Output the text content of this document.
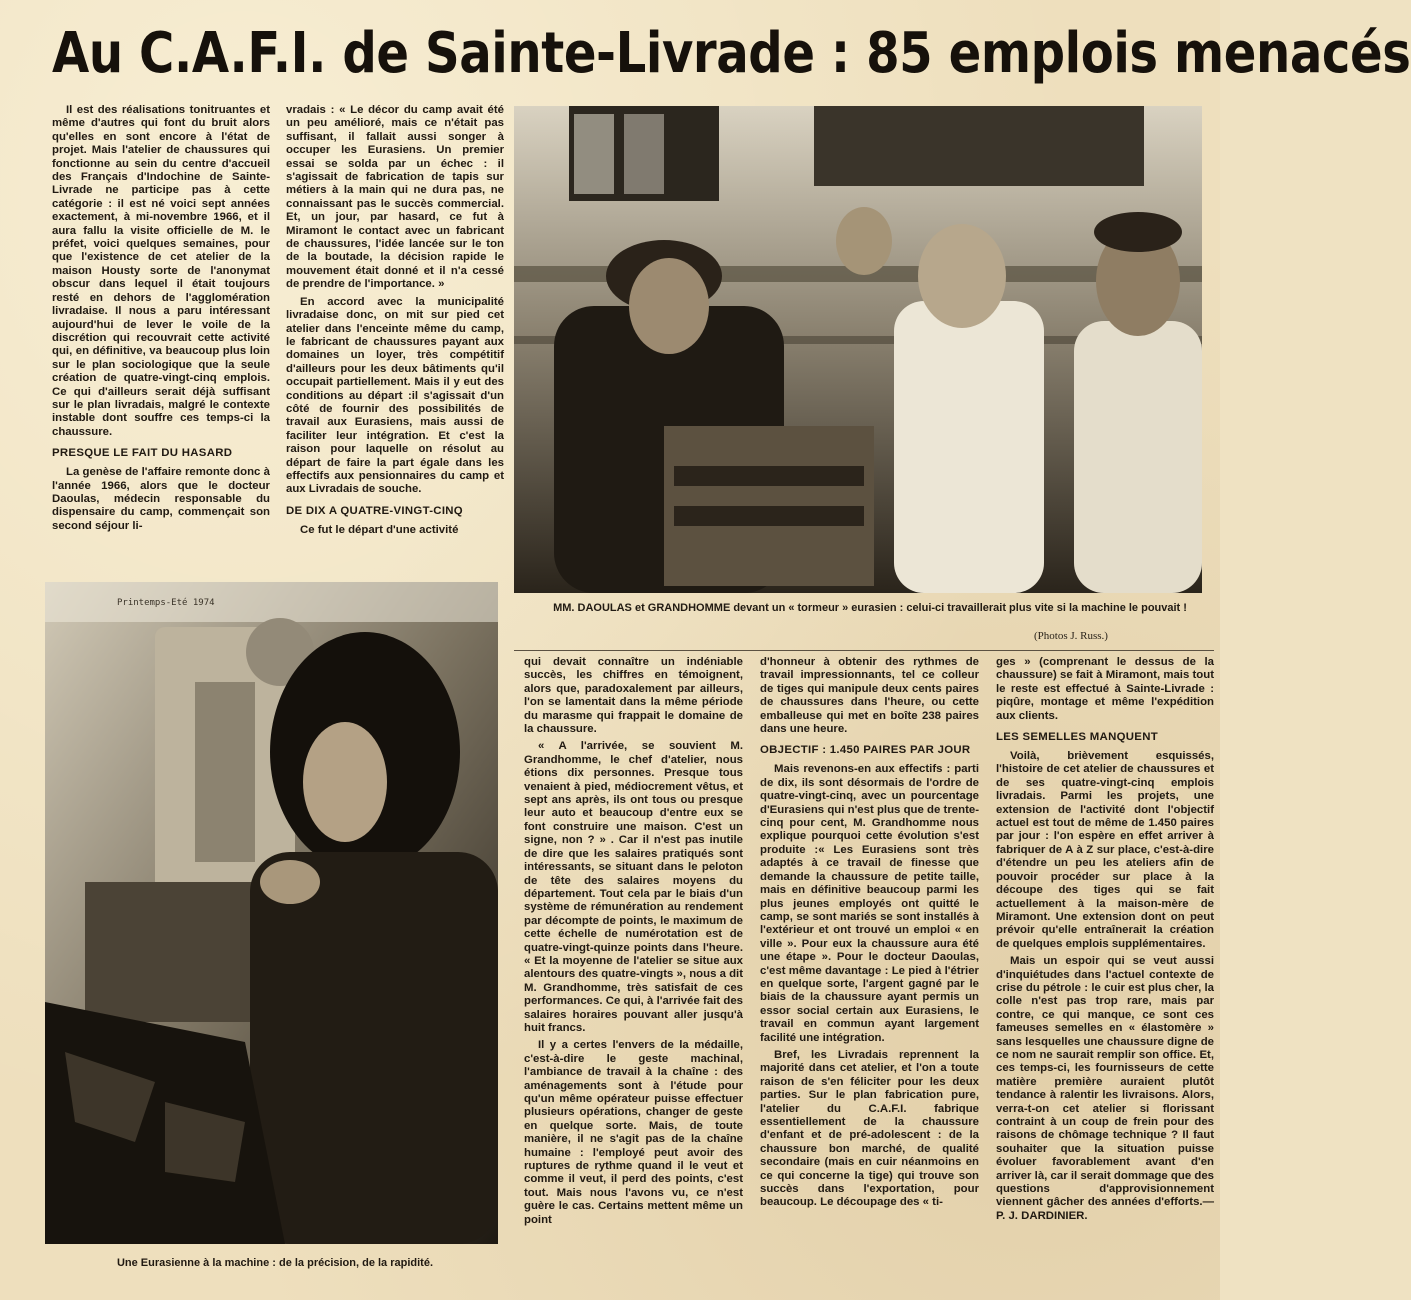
Au C.A.F.I. de Sainte-Livrade : 85 emplois menacés

Il est des réalisations tonitruantes et même d'autres qui font du bruit alors qu'elles en sont encore à l'état de projet. Mais l'atelier de chaussures qui fonctionne au sein du centre d'accueil des Français d'Indochine de Sainte-Livrade ne participe pas à cette catégorie : il est né voici sept années exactement, à mi-novembre 1966, et il aura fallu la visite officielle de M. le préfet, voici quelques semaines, pour que l'existence de cet atelier de la maison Housty sorte de l'anonymat obscur dans lequel il était toujours resté en dehors de l'agglomération livradaise. Il nous a paru intéressant aujourd'hui de lever le voile de la discrétion qui recouvrait cette activité qui, en définitive, va beaucoup plus loin sur le plan sociologique que la seule création de quatre-vingt-cinq emplois. Ce qui d'ailleurs serait déjà suffisant sur le plan livradais, malgré le contexte instable dont souffre ces temps-ci la chaussure.

PRESQUE LE FAIT DU HASARD

La genèse de l'affaire remonte donc à l'année 1966, alors que le docteur Daoulas, médecin responsable du dispensaire du camp, commençait son second séjour li-

vradais : « Le décor du camp avait été un peu amélioré, mais ce n'était pas suffisant, il fallait aussi songer à occuper les Eurasiens. Un premier essai se solda par un échec : il s'agissait de fabrication de tapis sur métiers à la main qui ne dura pas, ne connaissant pas le succès commercial. Et, un jour, par hasard, ce fut à Miramont le contact avec un fabricant de chaussures, l'idée lancée sur le ton de la boutade, la décision rapide le mouvement était donné et il n'a cessé de prendre de l'importance. »

En accord avec la municipalité livradaise donc, on mit sur pied cet atelier dans l'enceinte même du camp, le fabricant de chaussures payant aux domaines un loyer, très compétitif d'ailleurs pour les deux bâtiments qu'il occupait partiellement. Mais il y eut des conditions au départ :il s'agissait d'un côté de fournir des possibilités de travail aux Eurasiens, mais aussi de faciliter leur intégration. Et c'est la raison pour laquelle on résolut au départ de faire la part égale dans les effectifs aux pensionnaires du camp et aux Livradais de souche.

DE DIX A QUATRE-VINGT-CINQ

Ce fut le départ d'une activité

MM. DAOULAS et GRANDHOMME devant un « tormeur » eurasien : celui-ci travaillerait plus vite si la machine le pouvait !
(Photos J. Russ.)
Printemps-Eté 1974
Une Eurasienne à la machine : de la précision, de la rapidité.

qui devait connaître un indéniable succès, les chiffres en témoignent, alors que, paradoxalement par ailleurs, l'on se lamentait dans la même période du marasme qui frappait le domaine de la chaussure.

« A l'arrivée, se souvient M. Grandhomme, le chef d'atelier, nous étions dix personnes. Presque tous venaient à pied, médiocrement vêtus, et sept ans après, ils ont tous ou presque leur auto et beaucoup d'entre eux se font construire une maison. C'est un signe, non ? » . Car il n'est pas inutile de dire que les salaires pratiqués sont intéressants, se situant dans le peloton de tête des salaires moyens du département. Tout cela par le biais d'un système de rémunération au rendement par décompte de points, le maximum de cette échelle de numérotation est de quatre-vingt-quinze points dans l'heure. « Et la moyenne de l'atelier se situe aux alentours des quatre-vingts », nous a dit M. Grandhomme, très satisfait de ces performances. Ce qui, à l'arrivée fait des salaires horaires pouvant aller jusqu'à huit francs.

Il y a certes l'envers de la médaille, c'est-à-dire le geste machinal, l'ambiance de travail à la chaîne : des aménagements sont à l'étude pour qu'un même opérateur puisse effectuer plusieurs opérations, changer de geste en quelque sorte. Mais, de toute manière, il ne s'agit pas de la chaîne humaine : l'employé peut avoir des ruptures de rythme quand il le veut et comme il veut, il perd des points, c'est tout. Mais nous l'avons vu, ce n'est guère le cas. Certains mettent même un point

d'honneur à obtenir des rythmes de travail impressionnants, tel ce colleur de tiges qui manipule deux cents paires de chaussures dans l'heure, ou cette emballeuse qui met en boîte 238 paires dans une heure.

OBJECTIF : 1.450 PAIRES PAR JOUR

Mais revenons-en aux effectifs : parti de dix, ils sont désormais de l'ordre de quatre-vingt-cinq, avec un pourcentage d'Eurasiens qui n'est plus que de trente-cinq pour cent, M. Grandhomme nous explique pourquoi cette évolution s'est produite :« Les Eurasiens sont très adaptés à ce travail de finesse que demande la chaussure de petite taille, mais en définitive beaucoup parmi les plus jeunes employés ont quitté le camp, se sont mariés se sont installés à l'extérieur et ont trouvé un emploi « en ville ». Pour eux la chaussure aura été une étape ». Pour le docteur Daoulas, c'est même davantage : Le pied à l'étrier en quelque sorte, l'argent gagné par le biais de la chaussure ayant permis un essor social certain aux Eurasiens, le travail en commun ayant largement facilité une intégration.

Bref, les Livradais reprennent la majorité dans cet atelier, et l'on a toute raison de s'en féliciter pour les deux parties. Sur le plan fabrication pure, l'atelier du C.A.F.I. fabrique essentiellement de la chaussure d'enfant et de pré-adolescent : de la chaussure bon marché, de qualité secondaire (mais en cuir néanmoins en ce qui concerne la tige) qui trouve son succès dans l'exportation, pour beaucoup. Le découpage des « ti-

ges » (comprenant le dessus de la chaussure) se fait à Miramont, mais tout le reste est effectué à Sainte-Livrade : piqûre, montage et même l'expédition aux clients.

LES SEMELLES MANQUENT

Voilà, brièvement esquissés, l'histoire de cet atelier de chaussures et de ses quatre-vingt-cinq emplois livradais. Parmi les projets, une extension de l'activité dont l'objectif actuel est tout de même de 1.450 paires par jour : l'on espère en effet arriver à fabriquer de A à Z sur place, c'est-à-dire d'étendre un peu les ateliers afin de pouvoir procéder sur place à la découpe des tiges qui se fait actuellement à la maison-mère de Miramont. Une extension dont on peut prévoir qu'elle entraînerait la création de quelques emplois supplémentaires.

Mais un espoir qui se veut aussi d'inquiétudes dans l'actuel contexte de crise du pétrole : le cuir est plus cher, la colle n'est pas trop rare, mais par contre, ce qui manque, ce sont ces fameuses semelles en « élastomère » sans lesquelles une chaussure digne de ce nom ne saurait remplir son office. Et, ces temps-ci, les fournisseurs de cette matière première auraient plutôt tendance à ralentir les livraisons. Alors, verra-t-on cet atelier si florissant contraint à un coup de frein pour des raisons de chômage technique ? Il faut souhaiter que la situation puisse évoluer favorablement avant d'en arriver là, car il serait dommage que des questions d'approvisionnement viennent gâcher des années d'efforts.— P. J. DARDINIER.
